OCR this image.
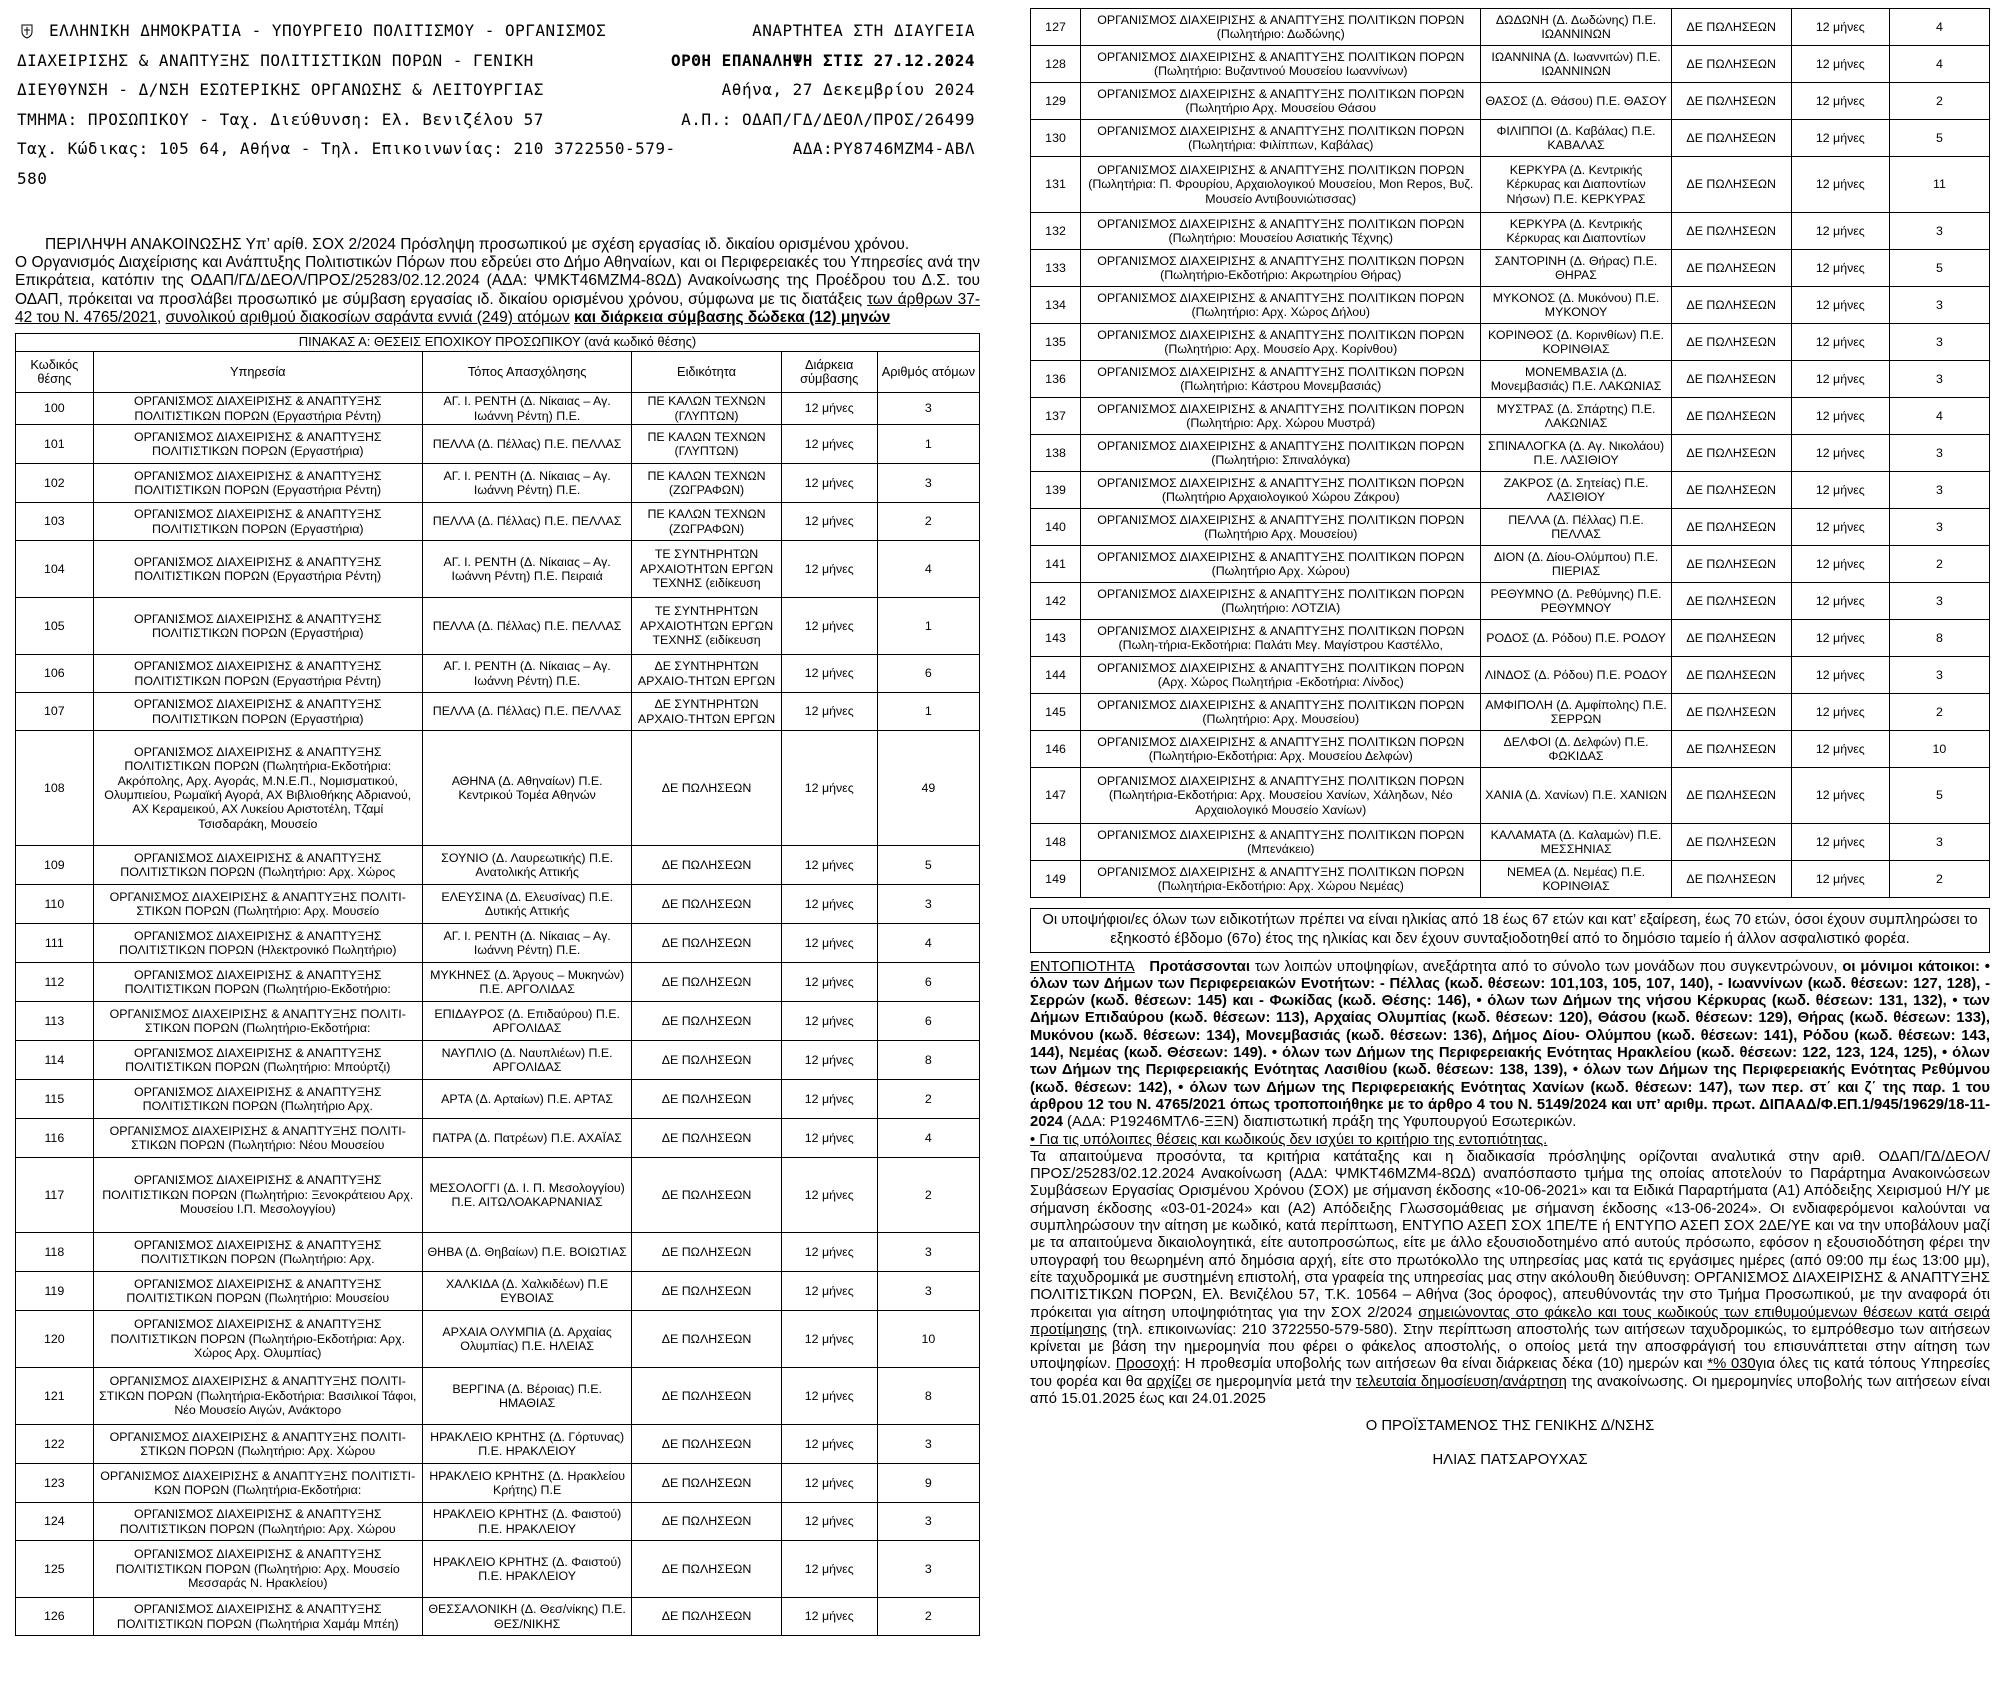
ΕΛΛΗΝΙΚΗ ΔΗΜΟΚΡΑΤΙΑ - ΥΠΟΥΡΓΕΙΟ ΠΟΛΙΤΙΣΜΟΥ - ΟΡΓΑΝΙΣΜΟΣ
ΔΙΑΧΕΙΡΙΣΗΣ & ΑΝΑΠΤΥΞΗΣ ΠΟΛΙΤΙΣΤΙΚΩΝ ΠΟΡΩΝ - ΓΕΝΙΚΗ
ΔΙΕΥΘΥΝΣΗ - Δ/ΝΣΗ ΕΣΩΤΕΡΙΚΗΣ ΟΡΓΑΝΩΣΗΣ & ΛΕΙΤΟΥΡΓΙΑΣ
ΤΜΗΜΑ: ΠΡΟΣΩΠΙΚΟΥ - Ταχ. Διεύθυνση: Ελ. Βενιζέλου 57
Ταχ. Κώδικας: 105 64, Αθήνα - Τηλ. Επικοινωνίας: 210 3722550-579-580
ΑΝΑΡΤΗΤΕΑ ΣΤΗ ΔΙΑΥΓΕΙΑ
ΟΡΘΗ ΕΠΑΝΑΛΗΨΗ ΣΤΙΣ 27.12.2024
Αθήνα, 27 Δεκεμβρίου 2024
Α.Π.: ΟΔΑΠ/ΓΔ/ΔΕΟΛ/ΠΡΟΣ/26499
ΑΔΑ:ΡΥ8746ΜΖΜ4-ΑΒΛ
ΠΕΡΙΛΗΨΗ ΑΝΑΚΟΙΝΩΣΗΣ Υπ’ αρίθ. ΣΟΧ 2/2024 Πρόσληψη προσωπικού με σχέση εργασίας ιδ. δικαίου ορισμένου χρόνου.
Ο Οργανισμός Διαχείρισης και Ανάπτυξης Πολιτιστικών Πόρων που εδρεύει στο Δήμο Αθηναίων, και οι Περιφερειακές του Υπηρεσίες ανά την Επικράτεια, κατόπιν της ΟΔΑΠ/ΓΔ/ΔΕΟΛ/ΠΡΟΣ/25283/02.12.2024 (ΑΔΑ: ΨΜΚΤ46ΜΖΜ4-8ΩΔ) Ανακοίνωσης της Προέδρου του Δ.Σ. του ΟΔΑΠ, πρόκειται να προσλάβει προσωπικό με σύμβαση εργασίας ιδ. δικαίου ορισμένου χρόνου, σύμφωνα με τις διατάξεις των άρθρων 37-42 του Ν. 4765/2021, συνολικού αριθμού διακοσίων σαράντα εννιά (249) ατόμων και διάρκεια σύμβασης δώδεκα (12) μηνών
ΠΙΝΑΚΑΣ Α: ΘΕΣΕΙΣ ΕΠΟΧΙΚΟΥ ΠΡΟΣΩΠΙΚΟΥ (ανά κωδικό θέσης)					
Κωδικός θέσης	Υπηρεσία	Τόπος Απασχόλησης	Ειδικότητα	Διάρκεια σύμβασης	Αριθμός ατόμων
100	ΟΡΓΑΝΙΣΜΟΣ ΔΙΑΧΕΙΡΙΣΗΣ & ΑΝΑΠΤΥΞΗΣ ΠΟΛΙΤΙΣΤΙΚΩΝ ΠΟΡΩΝ (Εργαστήρια Ρέντη)	ΑΓ. Ι. ΡΕΝΤΗ (Δ. Νίκαιας – Αγ. Ιωάννη Ρέντη) Π.Ε.	ΠΕ ΚΑΛΩΝ ΤΕΧΝΩΝ (ΓΛΥΠΤΩΝ)	12 μήνες	3
101	ΟΡΓΑΝΙΣΜΟΣ ΔΙΑΧΕΙΡΙΣΗΣ & ΑΝΑΠΤΥΞΗΣ ΠΟΛΙΤΙΣΤΙΚΩΝ ΠΟΡΩΝ (Εργαστήρια)	ΠΕΛΛΑ (Δ. Πέλλας) Π.Ε. ΠΕΛΛΑΣ	ΠΕ ΚΑΛΩΝ ΤΕΧΝΩΝ (ΓΛΥΠΤΩΝ)	12 μήνες	1
102	ΟΡΓΑΝΙΣΜΟΣ ΔΙΑΧΕΙΡΙΣΗΣ & ΑΝΑΠΤΥΞΗΣ ΠΟΛΙΤΙΣΤΙΚΩΝ ΠΟΡΩΝ (Εργαστήρια Ρέντη)	ΑΓ. Ι. ΡΕΝΤΗ (Δ. Νίκαιας – Αγ. Ιωάννη Ρέντη) Π.Ε.	ΠΕ ΚΑΛΩΝ ΤΕΧΝΩΝ (ΖΩΓΡΑΦΩΝ)	12 μήνες	3
103	ΟΡΓΑΝΙΣΜΟΣ ΔΙΑΧΕΙΡΙΣΗΣ & ΑΝΑΠΤΥΞΗΣ ΠΟΛΙΤΙΣΤΙΚΩΝ ΠΟΡΩΝ (Εργαστήρια)	ΠΕΛΛΑ (Δ. Πέλλας) Π.Ε. ΠΕΛΛΑΣ	ΠΕ ΚΑΛΩΝ ΤΕΧΝΩΝ (ΖΩΓΡΑΦΩΝ)	12 μήνες	2
104	ΟΡΓΑΝΙΣΜΟΣ ΔΙΑΧΕΙΡΙΣΗΣ & ΑΝΑΠΤΥΞΗΣ ΠΟΛΙΤΙΣΤΙΚΩΝ ΠΟΡΩΝ (Εργαστήρια Ρέντη)	ΑΓ. Ι. ΡΕΝΤΗ (Δ. Νίκαιας – Αγ. Ιωάννη Ρέντη) Π.Ε. Πειραιά	ΤΕ ΣΥΝΤΗΡΗΤΩΝ ΑΡΧΑΙΟΤΗΤΩΝ ΕΡΓΩΝ ΤΕΧΝΗΣ (ειδίκευση	12 μήνες	4
105	ΟΡΓΑΝΙΣΜΟΣ ΔΙΑΧΕΙΡΙΣΗΣ & ΑΝΑΠΤΥΞΗΣ ΠΟΛΙΤΙΣΤΙΚΩΝ ΠΟΡΩΝ (Εργαστήρια)	ΠΕΛΛΑ (Δ. Πέλλας) Π.Ε. ΠΕΛΛΑΣ	ΤΕ ΣΥΝΤΗΡΗΤΩΝ ΑΡΧΑΙΟΤΗΤΩΝ ΕΡΓΩΝ ΤΕΧΝΗΣ (ειδίκευση	12 μήνες	1
106	ΟΡΓΑΝΙΣΜΟΣ ΔΙΑΧΕΙΡΙΣΗΣ & ΑΝΑΠΤΥΞΗΣ ΠΟΛΙΤΙΣΤΙΚΩΝ ΠΟΡΩΝ (Εργαστήρια Ρέντη)	ΑΓ. Ι. ΡΕΝΤΗ (Δ. Νίκαιας – Αγ. Ιωάννη Ρέντη) Π.Ε.	ΔΕ ΣΥΝΤΗΡΗΤΩΝ ΑΡΧΑΙΟ-ΤΗΤΩΝ ΕΡΓΩΝ	12 μήνες	6
107	ΟΡΓΑΝΙΣΜΟΣ ΔΙΑΧΕΙΡΙΣΗΣ & ΑΝΑΠΤΥΞΗΣ ΠΟΛΙΤΙΣΤΙΚΩΝ ΠΟΡΩΝ (Εργαστήρια)	ΠΕΛΛΑ (Δ. Πέλλας) Π.Ε. ΠΕΛΛΑΣ	ΔΕ ΣΥΝΤΗΡΗΤΩΝ ΑΡΧΑΙΟ-ΤΗΤΩΝ ΕΡΓΩΝ	12 μήνες	1
108	ΟΡΓΑΝΙΣΜΟΣ ΔΙΑΧΕΙΡΙΣΗΣ & ΑΝΑΠΤΥΞΗΣ ΠΟΛΙΤΙΣΤΙΚΩΝ ΠΟΡΩΝ (Πωλητήρια-Εκδοτήρια: Ακρόπολης, Αρχ. Αγοράς, Μ.Ν.Ε.Π., Νομισματικού, Ολυμπιείου, Ρωμαϊκή Αγορά, ΑΧ Βιβλιοθήκης Αδριανού, ΑΧ Κεραμεικού, ΑΧ Λυκείου Αριστοτέλη, Τζαμί Τσισδαράκη, Μουσείο	ΑΘΗΝΑ (Δ. Αθηναίων) Π.Ε. Κεντρικού Τομέα Αθηνών	ΔΕ ΠΩΛΗΣΕΩΝ	12 μήνες	49
109	ΟΡΓΑΝΙΣΜΟΣ ΔΙΑΧΕΙΡΙΣΗΣ & ΑΝΑΠΤΥΞΗΣ ΠΟΛΙΤΙΣΤΙΚΩΝ ΠΟΡΩΝ (Πωλητήριο: Αρχ. Χώρος	ΣΟΥΝΙΟ (Δ. Λαυρεωτικής) Π.Ε. Ανατολικής Αττικής	ΔΕ ΠΩΛΗΣΕΩΝ	12 μήνες	5
110	ΟΡΓΑΝΙΣΜΟΣ ΔΙΑΧΕΙΡΙΣΗΣ & ΑΝΑΠΤΥΞΗΣ ΠΟΛΙΤΙ-ΣΤΙΚΩΝ ΠΟΡΩΝ (Πωλητήριο: Αρχ. Μουσείο	ΕΛΕΥΣΙΝΑ (Δ. Ελευσίνας) Π.Ε. Δυτικής Αττικής	ΔΕ ΠΩΛΗΣΕΩΝ	12 μήνες	3
111	ΟΡΓΑΝΙΣΜΟΣ ΔΙΑΧΕΙΡΙΣΗΣ & ΑΝΑΠΤΥΞΗΣ ΠΟΛΙΤΙΣΤΙΚΩΝ ΠΟΡΩΝ (Ηλεκτρονικό Πωλητήριο)	ΑΓ. Ι. ΡΕΝΤΗ (Δ. Νίκαιας – Αγ. Ιωάννη Ρέντη) Π.Ε.	ΔΕ ΠΩΛΗΣΕΩΝ	12 μήνες	4
112	ΟΡΓΑΝΙΣΜΟΣ ΔΙΑΧΕΙΡΙΣΗΣ & ΑΝΑΠΤΥΞΗΣ ΠΟΛΙΤΙΣΤΙΚΩΝ ΠΟΡΩΝ (Πωλητήριο-Εκδοτήριο:	ΜΥΚΗΝΕΣ (Δ. Άργους – Μυκηνών) Π.Ε. ΑΡΓΟΛΙΔΑΣ	ΔΕ ΠΩΛΗΣΕΩΝ	12 μήνες	6
113	ΟΡΓΑΝΙΣΜΟΣ ΔΙΑΧΕΙΡΙΣΗΣ & ΑΝΑΠΤΥΞΗΣ ΠΟΛΙΤΙ-ΣΤΙΚΩΝ ΠΟΡΩΝ (Πωλητήριο-Εκδοτήρια:	ΕΠΙΔΑΥΡΟΣ (Δ. Επιδαύρου) Π.Ε. ΑΡΓΟΛΙΔΑΣ	ΔΕ ΠΩΛΗΣΕΩΝ	12 μήνες	6
114	ΟΡΓΑΝΙΣΜΟΣ ΔΙΑΧΕΙΡΙΣΗΣ & ΑΝΑΠΤΥΞΗΣ ΠΟΛΙΤΙΣΤΙΚΩΝ ΠΟΡΩΝ (Πωλητήριο: Μπούρτζι)	ΝΑΥΠΛΙΟ (Δ. Ναυπλιέων) Π.Ε. ΑΡΓΟΛΙΔΑΣ	ΔΕ ΠΩΛΗΣΕΩΝ	12 μήνες	8
115	ΟΡΓΑΝΙΣΜΟΣ ΔΙΑΧΕΙΡΙΣΗΣ & ΑΝΑΠΤΥΞΗΣ ΠΟΛΙΤΙΣΤΙΚΩΝ ΠΟΡΩΝ (Πωλητήριο Αρχ.	ΑΡΤΑ (Δ. Αρταίων) Π.Ε. ΑΡΤΑΣ	ΔΕ ΠΩΛΗΣΕΩΝ	12 μήνες	2
116	ΟΡΓΑΝΙΣΜΟΣ ΔΙΑΧΕΙΡΙΣΗΣ & ΑΝΑΠΤΥΞΗΣ ΠΟΛΙΤΙ-ΣΤΙΚΩΝ ΠΟΡΩΝ (Πωλητήριο: Νέου Μουσείου	ΠΑΤΡΑ (Δ. Πατρέων) Π.Ε. ΑΧΑΪΑΣ	ΔΕ ΠΩΛΗΣΕΩΝ	12 μήνες	4
117	ΟΡΓΑΝΙΣΜΟΣ ΔΙΑΧΕΙΡΙΣΗΣ & ΑΝΑΠΤΥΞΗΣ ΠΟΛΙΤΙΣΤΙΚΩΝ ΠΟΡΩΝ (Πωλητήριο: Ξενοκράτειου Αρχ. Μουσείου Ι.Π. Μεσολογγίου)	ΜΕΣΟΛΟΓΓΙ (Δ. Ι. Π. Μεσολογγίου) Π.Ε. ΑΙΤΩΛΟΑΚΑΡΝΑΝΙΑΣ	ΔΕ ΠΩΛΗΣΕΩΝ	12 μήνες	2
118	ΟΡΓΑΝΙΣΜΟΣ ΔΙΑΧΕΙΡΙΣΗΣ & ΑΝΑΠΤΥΞΗΣ ΠΟΛΙΤΙΣΤΙΚΩΝ ΠΟΡΩΝ (Πωλητήριο: Αρχ.	ΘΗΒΑ (Δ. Θηβαίων) Π.Ε. ΒΟΙΩΤΙΑΣ	ΔΕ ΠΩΛΗΣΕΩΝ	12 μήνες	3
119	ΟΡΓΑΝΙΣΜΟΣ ΔΙΑΧΕΙΡΙΣΗΣ & ΑΝΑΠΤΥΞΗΣ ΠΟΛΙΤΙΣΤΙΚΩΝ ΠΟΡΩΝ (Πωλητήριο: Μουσείου	ΧΑΛΚΙΔΑ (Δ. Χαλκιδέων) Π.Ε ΕΥΒΟΙΑΣ	ΔΕ ΠΩΛΗΣΕΩΝ	12 μήνες	3
120	ΟΡΓΑΝΙΣΜΟΣ ΔΙΑΧΕΙΡΙΣΗΣ & ΑΝΑΠΤΥΞΗΣ ΠΟΛΙΤΙΣΤΙΚΩΝ ΠΟΡΩΝ (Πωλητήριο-Εκδοτήρια: Αρχ. Χώρος Αρχ. Ολυμπίας)	ΑΡΧΑΙΑ ΟΛΥΜΠΙΑ (Δ. Αρχαίας Ολυμπίας) Π.Ε. ΗΛΕΙΑΣ	ΔΕ ΠΩΛΗΣΕΩΝ	12 μήνες	10
121	ΟΡΓΑΝΙΣΜΟΣ ΔΙΑΧΕΙΡΙΣΗΣ & ΑΝΑΠΤΥΞΗΣ ΠΟΛΙΤΙ-ΣΤΙΚΩΝ ΠΟΡΩΝ (Πωλητήρια-Εκδοτήρια: Βασιλικοί Τάφοι, Νέο Μουσείο Αιγών, Ανάκτορο	ΒΕΡΓΙΝΑ (Δ. Βέροιας) Π.Ε. ΗΜΑΘΙΑΣ	ΔΕ ΠΩΛΗΣΕΩΝ	12 μήνες	8
122	ΟΡΓΑΝΙΣΜΟΣ ΔΙΑΧΕΙΡΙΣΗΣ & ΑΝΑΠΤΥΞΗΣ ΠΟΛΙΤΙ-ΣΤΙΚΩΝ ΠΟΡΩΝ (Πωλητήριο: Αρχ. Χώρου	ΗΡΑΚΛΕΙΟ ΚΡΗΤΗΣ (Δ. Γόρτυνας) Π.Ε. ΗΡΑΚΛΕΙΟΥ	ΔΕ ΠΩΛΗΣΕΩΝ	12 μήνες	3
123	ΟΡΓΑΝΙΣΜΟΣ ΔΙΑΧΕΙΡΙΣΗΣ & ΑΝΑΠΤΥΞΗΣ ΠΟΛΙΤΙΣΤΙ-ΚΩΝ ΠΟΡΩΝ (Πωλητήρια-Εκδοτήρια:	ΗΡΑΚΛΕΙΟ ΚΡΗΤΗΣ (Δ. Ηρακλείου Κρήτης) Π.Ε	ΔΕ ΠΩΛΗΣΕΩΝ	12 μήνες	9
124	ΟΡΓΑΝΙΣΜΟΣ ΔΙΑΧΕΙΡΙΣΗΣ & ΑΝΑΠΤΥΞΗΣ ΠΟΛΙΤΙΣΤΙΚΩΝ ΠΟΡΩΝ (Πωλητήριο: Αρχ. Χώρου	ΗΡΑΚΛΕΙΟ ΚΡΗΤΗΣ (Δ. Φαιστού) Π.Ε. ΗΡΑΚΛΕΙΟΥ	ΔΕ ΠΩΛΗΣΕΩΝ	12 μήνες	3
125	ΟΡΓΑΝΙΣΜΟΣ ΔΙΑΧΕΙΡΙΣΗΣ & ΑΝΑΠΤΥΞΗΣ ΠΟΛΙΤΙΣΤΙΚΩΝ ΠΟΡΩΝ (Πωλητήριο: Αρχ. Μουσείο Μεσσαράς Ν. Ηρακλείου)	ΗΡΑΚΛΕΙΟ ΚΡΗΤΗΣ (Δ. Φαιστού) Π.Ε. ΗΡΑΚΛΕΙΟΥ	ΔΕ ΠΩΛΗΣΕΩΝ	12 μήνες	3
126	ΟΡΓΑΝΙΣΜΟΣ ΔΙΑΧΕΙΡΙΣΗΣ & ΑΝΑΠΤΥΞΗΣ ΠΟΛΙΤΙΣΤΙΚΩΝ ΠΟΡΩΝ (Πωλητήρια Χαμάμ Μπέη)	ΘΕΣΣΑΛΟΝΙΚΗ (Δ. Θεσ/νίκης) Π.Ε. ΘΕΣ/ΝΙΚΗΣ	ΔΕ ΠΩΛΗΣΕΩΝ	12 μήνες	2
127	ΟΡΓΑΝΙΣΜΟΣ ΔΙΑΧΕΙΡΙΣΗΣ & ΑΝΑΠΤΥΞΗΣ ΠΟΛΙΤΙΚΩΝ ΠΟΡΩΝ (Πωλητήριο: Δωδώνης)	ΔΩΔΩΝΗ (Δ. Δωδώνης) Π.Ε. ΙΩΑΝΝΙΝΩΝ	ΔΕ ΠΩΛΗΣΕΩΝ	12 μήνες	4
128	ΟΡΓΑΝΙΣΜΟΣ ΔΙΑΧΕΙΡΙΣΗΣ & ΑΝΑΠΤΥΞΗΣ ΠΟΛΙΤΙΚΩΝ ΠΟΡΩΝ (Πωλητήριο: Βυζαντινού Μουσείου Ιωαννίνων)	ΙΩΑΝΝΙΝΑ (Δ. Ιωαννιτών) Π.Ε. ΙΩΑΝΝΙΝΩΝ	ΔΕ ΠΩΛΗΣΕΩΝ	12 μήνες	4
129	ΟΡΓΑΝΙΣΜΟΣ ΔΙΑΧΕΙΡΙΣΗΣ & ΑΝΑΠΤΥΞΗΣ ΠΟΛΙΤΙΚΩΝ ΠΟΡΩΝ (Πωλητήριο Αρχ. Μουσείου Θάσου	ΘΑΣΟΣ (Δ. Θάσου) Π.Ε. ΘΑΣΟΥ	ΔΕ ΠΩΛΗΣΕΩΝ	12 μήνες	2
130	ΟΡΓΑΝΙΣΜΟΣ ΔΙΑΧΕΙΡΙΣΗΣ & ΑΝΑΠΤΥΞΗΣ ΠΟΛΙΤΙΚΩΝ ΠΟΡΩΝ (Πωλητήρια: Φιλίππων, Καβάλας)	ΦΙΛΙΠΠΟΙ (Δ. Καβάλας) Π.Ε. ΚΑΒΑΛΑΣ	ΔΕ ΠΩΛΗΣΕΩΝ	12 μήνες	5
131	ΟΡΓΑΝΙΣΜΟΣ ΔΙΑΧΕΙΡΙΣΗΣ & ΑΝΑΠΤΥΞΗΣ ΠΟΛΙΤΙΚΩΝ ΠΟΡΩΝ (Πωλητήρια: Π. Φρουρίου, Αρχαιολογικού Μουσείου, Mon Repos, Βυζ. Μουσείο Αντιβουνιώτισσας)	ΚΕΡΚΥΡΑ (Δ. Κεντρικής Κέρκυρας και Διαποντίων Νήσων) Π.Ε. ΚΕΡΚΥΡΑΣ	ΔΕ ΠΩΛΗΣΕΩΝ	12 μήνες	11
132	ΟΡΓΑΝΙΣΜΟΣ ΔΙΑΧΕΙΡΙΣΗΣ & ΑΝΑΠΤΥΞΗΣ ΠΟΛΙΤΙΚΩΝ ΠΟΡΩΝ (Πωλητήριο: Μουσείου Ασιατικής Τέχνης)	ΚΕΡΚΥΡΑ (Δ. Κεντρικής Κέρκυρας και Διαποντίων	ΔΕ ΠΩΛΗΣΕΩΝ	12 μήνες	3
133	ΟΡΓΑΝΙΣΜΟΣ ΔΙΑΧΕΙΡΙΣΗΣ & ΑΝΑΠΤΥΞΗΣ ΠΟΛΙΤΙΚΩΝ ΠΟΡΩΝ (Πωλητήριο-Εκδοτήριο: Ακρωτηρίου Θήρας)	ΣΑΝΤΟΡΙΝΗ (Δ. Θήρας) Π.Ε. ΘΗΡΑΣ	ΔΕ ΠΩΛΗΣΕΩΝ	12 μήνες	5
134	ΟΡΓΑΝΙΣΜΟΣ ΔΙΑΧΕΙΡΙΣΗΣ & ΑΝΑΠΤΥΞΗΣ ΠΟΛΙΤΙΚΩΝ ΠΟΡΩΝ (Πωλητήριο: Αρχ. Χώρος Δήλου)	ΜΥΚΟΝΟΣ (Δ. Μυκόνου) Π.Ε. ΜΥΚΟΝΟΥ	ΔΕ ΠΩΛΗΣΕΩΝ	12 μήνες	3
135	ΟΡΓΑΝΙΣΜΟΣ ΔΙΑΧΕΙΡΙΣΗΣ & ΑΝΑΠΤΥΞΗΣ ΠΟΛΙΤΙΚΩΝ ΠΟΡΩΝ (Πωλητήριο: Αρχ. Μουσείο Αρχ. Κορίνθου)	ΚΟΡΙΝΘΟΣ (Δ. Κορινθίων) Π.Ε. ΚΟΡΙΝΘΙΑΣ	ΔΕ ΠΩΛΗΣΕΩΝ	12 μήνες	3
136	ΟΡΓΑΝΙΣΜΟΣ ΔΙΑΧΕΙΡΙΣΗΣ & ΑΝΑΠΤΥΞΗΣ ΠΟΛΙΤΙΚΩΝ ΠΟΡΩΝ (Πωλητήριο: Κάστρου Μονεμβασιάς)	ΜΟΝΕΜΒΑΣΙΑ (Δ. Μονεμβασιάς) Π.Ε. ΛΑΚΩΝΙΑΣ	ΔΕ ΠΩΛΗΣΕΩΝ	12 μήνες	3
137	ΟΡΓΑΝΙΣΜΟΣ ΔΙΑΧΕΙΡΙΣΗΣ & ΑΝΑΠΤΥΞΗΣ ΠΟΛΙΤΙΚΩΝ ΠΟΡΩΝ (Πωλητήριο: Αρχ. Χώρου Μυστρά)	ΜΥΣΤΡΑΣ (Δ. Σπάρτης) Π.Ε. ΛΑΚΩΝΙΑΣ	ΔΕ ΠΩΛΗΣΕΩΝ	12 μήνες	4
138	ΟΡΓΑΝΙΣΜΟΣ ΔΙΑΧΕΙΡΙΣΗΣ & ΑΝΑΠΤΥΞΗΣ ΠΟΛΙΤΙΚΩΝ ΠΟΡΩΝ (Πωλητήριο: Σπιναλόγκα)	ΣΠΙΝΑΛΟΓΚΑ (Δ. Αγ. Νικολάου) Π.Ε. ΛΑΣΙΘΙΟΥ	ΔΕ ΠΩΛΗΣΕΩΝ	12 μήνες	3
139	ΟΡΓΑΝΙΣΜΟΣ ΔΙΑΧΕΙΡΙΣΗΣ & ΑΝΑΠΤΥΞΗΣ ΠΟΛΙΤΙΚΩΝ ΠΟΡΩΝ (Πωλητήριο Αρχαιολογικού Χώρου Ζάκρου)	ΖΑΚΡΟΣ (Δ. Σητείας) Π.Ε. ΛΑΣΙΘΙΟΥ	ΔΕ ΠΩΛΗΣΕΩΝ	12 μήνες	3
140	ΟΡΓΑΝΙΣΜΟΣ ΔΙΑΧΕΙΡΙΣΗΣ & ΑΝΑΠΤΥΞΗΣ ΠΟΛΙΤΙΚΩΝ ΠΟΡΩΝ (Πωλητήριο Αρχ. Μουσείου)	ΠΕΛΛΑ (Δ. Πέλλας) Π.Ε. ΠΕΛΛΑΣ	ΔΕ ΠΩΛΗΣΕΩΝ	12 μήνες	3
141	ΟΡΓΑΝΙΣΜΟΣ ΔΙΑΧΕΙΡΙΣΗΣ & ΑΝΑΠΤΥΞΗΣ ΠΟΛΙΤΙΚΩΝ ΠΟΡΩΝ (Πωλητήριο Αρχ. Χώρου)	ΔΙΟΝ (Δ. Δίου-Ολύμπου) Π.Ε. ΠΙΕΡΙΑΣ	ΔΕ ΠΩΛΗΣΕΩΝ	12 μήνες	2
142	ΟΡΓΑΝΙΣΜΟΣ ΔΙΑΧΕΙΡΙΣΗΣ & ΑΝΑΠΤΥΞΗΣ ΠΟΛΙΤΙΚΩΝ ΠΟΡΩΝ (Πωλητήριο: ΛΟΤΖΙΑ)	ΡΕΘΥΜΝΟ (Δ. Ρεθύμνης) Π.Ε. ΡΕΘΥΜΝΟΥ	ΔΕ ΠΩΛΗΣΕΩΝ	12 μήνες	3
143	ΟΡΓΑΝΙΣΜΟΣ ΔΙΑΧΕΙΡΙΣΗΣ & ΑΝΑΠΤΥΞΗΣ ΠΟΛΙΤΙΚΩΝ ΠΟΡΩΝ (Πωλη-τήρια-Εκδοτήρια: Παλάτι Μεγ. Μαγίστρου Καστέλλο,	ΡΟΔΟΣ (Δ. Ρόδου) Π.Ε. ΡΟΔΟΥ	ΔΕ ΠΩΛΗΣΕΩΝ	12 μήνες	8
144	ΟΡΓΑΝΙΣΜΟΣ ΔΙΑΧΕΙΡΙΣΗΣ & ΑΝΑΠΤΥΞΗΣ ΠΟΛΙΤΙΚΩΝ ΠΟΡΩΝ (Αρχ. Χώρος Πωλητήρια -Εκδοτήρια: Λίνδος)	ΛΙΝΔΟΣ (Δ. Ρόδου) Π.Ε. ΡΟΔΟΥ	ΔΕ ΠΩΛΗΣΕΩΝ	12 μήνες	3
145	ΟΡΓΑΝΙΣΜΟΣ ΔΙΑΧΕΙΡΙΣΗΣ & ΑΝΑΠΤΥΞΗΣ ΠΟΛΙΤΙΚΩΝ ΠΟΡΩΝ (Πωλητήριο: Αρχ. Μουσείου)	ΑΜΦΙΠΟΛΗ (Δ. Αμφίπολης) Π.Ε. ΣΕΡΡΩΝ	ΔΕ ΠΩΛΗΣΕΩΝ	12 μήνες	2
146	ΟΡΓΑΝΙΣΜΟΣ ΔΙΑΧΕΙΡΙΣΗΣ & ΑΝΑΠΤΥΞΗΣ ΠΟΛΙΤΙΚΩΝ ΠΟΡΩΝ (Πωλητήριο-Εκδοτήρια: Αρχ. Μουσείου Δελφών)	ΔΕΛΦΟΙ (Δ. Δελφών) Π.Ε. ΦΩΚΙΔΑΣ	ΔΕ ΠΩΛΗΣΕΩΝ	12 μήνες	10
147	ΟΡΓΑΝΙΣΜΟΣ ΔΙΑΧΕΙΡΙΣΗΣ & ΑΝΑΠΤΥΞΗΣ ΠΟΛΙΤΙΚΩΝ ΠΟΡΩΝ (Πωλητήρια-Εκδοτήρια: Αρχ. Μουσείου Χανίων, Χάληδων, Νέο Αρχαιολογικό Μουσείο Χανίων)	ΧΑΝΙΑ (Δ. Χανίων) Π.Ε. ΧΑΝΙΩΝ	ΔΕ ΠΩΛΗΣΕΩΝ	12 μήνες	5
148	ΟΡΓΑΝΙΣΜΟΣ ΔΙΑΧΕΙΡΙΣΗΣ & ΑΝΑΠΤΥΞΗΣ ΠΟΛΙΤΙΚΩΝ ΠΟΡΩΝ (Μπενάκειο)	ΚΑΛΑΜΑΤΑ (Δ. Καλαμών) Π.Ε. ΜΕΣΣΗΝΙΑΣ	ΔΕ ΠΩΛΗΣΕΩΝ	12 μήνες	3
149	ΟΡΓΑΝΙΣΜΟΣ ΔΙΑΧΕΙΡΙΣΗΣ & ΑΝΑΠΤΥΞΗΣ ΠΟΛΙΤΙΚΩΝ ΠΟΡΩΝ (Πωλητήρια-Εκδοτήριο: Αρχ. Χώρου Νεμέας)	ΝΕΜΕΑ (Δ. Νεμέας) Π.Ε. ΚΟΡΙΝΘΙΑΣ	ΔΕ ΠΩΛΗΣΕΩΝ	12 μήνες	2
Οι υποψήφιοι/ες όλων των ειδικοτήτων πρέπει να είναι ηλικίας από 18 έως 67 ετών και κατ’ εξαίρεση, έως 70 ετών, όσοι έχουν συμπληρώσει το εξηκοστό έβδομο (67ο) έτος της ηλικίας και δεν έχουν συνταξιοδοτηθεί από το δημόσιο ταμείο ή άλλον ασφαλιστικό φορέα.

ΕΝΤΟΠΙΟΤΗΤΑ Προτάσσονται των λοιπών υποψηφίων, ανεξάρτητα από το σύνολο των μονάδων που συγκεντρώνουν, οι μόνιμοι κάτοικοι: • όλων των Δήμων των Περιφερειακών Ενοτήτων: - Πέλλας (κωδ. θέσεων: 101,103, 105, 107, 140), - Ιωαννίνων (κωδ. θέσεων: 127, 128), - Σερρών (κωδ. θέσεων: 145) και - Φωκίδας (κωδ. Θέσης: 146), • όλων των Δήμων της νήσου Κέρκυρας (κωδ. θέσεων: 131, 132), • των Δήμων Επιδαύρου (κωδ. θέσεων: 113), Αρχαίας Ολυμπίας (κωδ. θέσεων: 120), Θάσου (κωδ. θέσεων: 129), Θήρας (κωδ. θέσεων: 133), Μυκόνου (κωδ. θέσεων: 134), Μονεμβασιάς (κωδ. θέσεων: 136), Δήμος Δίου- Ολύμπου (κωδ. θέσεων: 141), Ρόδου (κωδ. θέσεων: 143, 144), Νεμέας (κωδ. Θέσεων: 149). • όλων των Δήμων της Περιφερειακής Ενότητας Ηρακλείου (κωδ. θέσεων: 122, 123, 124, 125), • όλων των Δήμων της Περιφερειακής Ενότητας Λασιθίου (κωδ. θέσεων: 138, 139), • όλων των Δήμων της Περιφερειακής Ενότητας Ρεθύμνου (κωδ. θέσεων: 142), • όλων των Δήμων της Περιφερειακής Ενότητας Χανίων (κωδ. θέσεων: 147), των περ. στ΄ και ζ΄ της παρ. 1 του άρθρου 12 του Ν. 4765/2021 όπως τροποποιήθηκε με το άρθρο 4 του Ν. 5149/2024 και υπ’ αριθμ. πρωτ. ΔΙΠΑΑΔ/Φ.ΕΠ.1/945/19629/18-11-2024 (ΑΔΑ: Ρ19246ΜΤΛ6-ΞΞΝ) διαπιστωτική πράξη της Υφυπουργού Εσωτερικών.

• Για τις υπόλοιπες θέσεις και κωδικούς δεν ισχύει το κριτήριο της εντοπιότητας.

Τα απαιτούμενα προσόντα, τα κριτήρια κατάταξης και η διαδικασία πρόσληψης ορίζονται αναλυτικά στην αριθ. ΟΔΑΠ/ΓΔ/ΔΕΟΛ/ΠΡΟΣ/25283/02.12.2024 Ανακοίνωση (ΑΔΑ: ΨΜΚΤ46ΜΖΜ4-8ΩΔ) αναπόσπαστο τμήμα της οποίας αποτελούν το Παράρτημα Ανακοινώσεων Συμβάσεων Εργασίας Ορισμένου Χρόνου (ΣΟΧ) με σήμανση έκδοσης «10-06-2021» και τα Ειδικά Παραρτήματα (Α1) Απόδειξης Χειρισμού Η/Υ με σήμανση έκδοσης «03-01-2024» και (Α2) Απόδειξης Γλωσσομάθειας με σήμανση έκδοσης «13-06-2024». Οι ενδιαφερόμενοι καλούνται να συμπληρώσουν την αίτηση με κωδικό, κατά περίπτωση, ΕΝΤΥΠΟ ΑΣΕΠ ΣΟΧ 1ΠΕ/ΤΕ ή ΕΝΤΥΠΟ ΑΣΕΠ ΣΟΧ 2ΔΕ/ΥΕ και να την υποβάλουν μαζί με τα απαιτούμενα δικαιολογητικά, είτε αυτοπροσώπως, είτε με άλλο εξουσιοδοτημένο από αυτούς πρόσωπο, εφόσον η εξουσιοδότηση φέρει την υπογραφή του θεωρημένη από δημόσια αρχή, είτε στο πρωτόκολλο της υπηρεσίας μας κατά τις εργάσιμες ημέρες (από 09:00 πμ έως 13:00 μμ), είτε ταχυδρομικά με συστημένη επιστολή, στα γραφεία της υπηρεσίας μας στην ακόλουθη διεύθυνση: ΟΡΓΑΝΙΣΜΟΣ ΔΙΑΧΕΙΡΙΣΗΣ & ΑΝΑΠΤΥΞΗΣ ΠΟΛΙΤΙΣΤΙΚΩΝ ΠΟΡΩΝ, Ελ. Βενιζέλου 57, Τ.Κ. 10564 – Αθήνα (3ος όροφος), απευθύνοντάς την στο Τμήμα Προσωπικού, με την αναφορά ότι πρόκειται για αίτηση υποψηφιότητας για την ΣΟΧ 2/2024 σημειώνοντας στο φάκελο και τους κωδικούς των επιθυμούμενων θέσεων κατά σειρά προτίμησης (τηλ. επικοινωνίας: 210 3722550-579-580). Στην περίπτωση αποστολής των αιτήσεων ταχυδρομικώς, το εμπρόθεσμο των αιτήσεων κρίνεται με βάση την ημερομηνία που φέρει ο φάκελος αποστολής, ο οποίος μετά την αποσφράγισή του επισυνάπτεται στην αίτηση των υποψηφίων. Προσοχή: Η προθεσμία υποβολής των αιτήσεων θα είναι διάρκειας δέκα (10) ημερών και *% 030για όλες τις κατά τόπους Υπηρεσίες του φορέα και θα αρχίζει σε ημερομηνία μετά την τελευταία δημοσίευση/ανάρτηση της ανακοίνωσης. Οι ημερομηνίες υποβολής των αιτήσεων είναι από 15.01.2025 έως και 24.01.2025

Ο ΠΡΟΪΣΤΑΜΕΝΟΣ ΤΗΣ ΓΕΝΙΚΗΣ Δ/ΝΣΗΣ
ΗΛΙΑΣ ΠΑΤΣΑΡΟΥΧΑΣ
